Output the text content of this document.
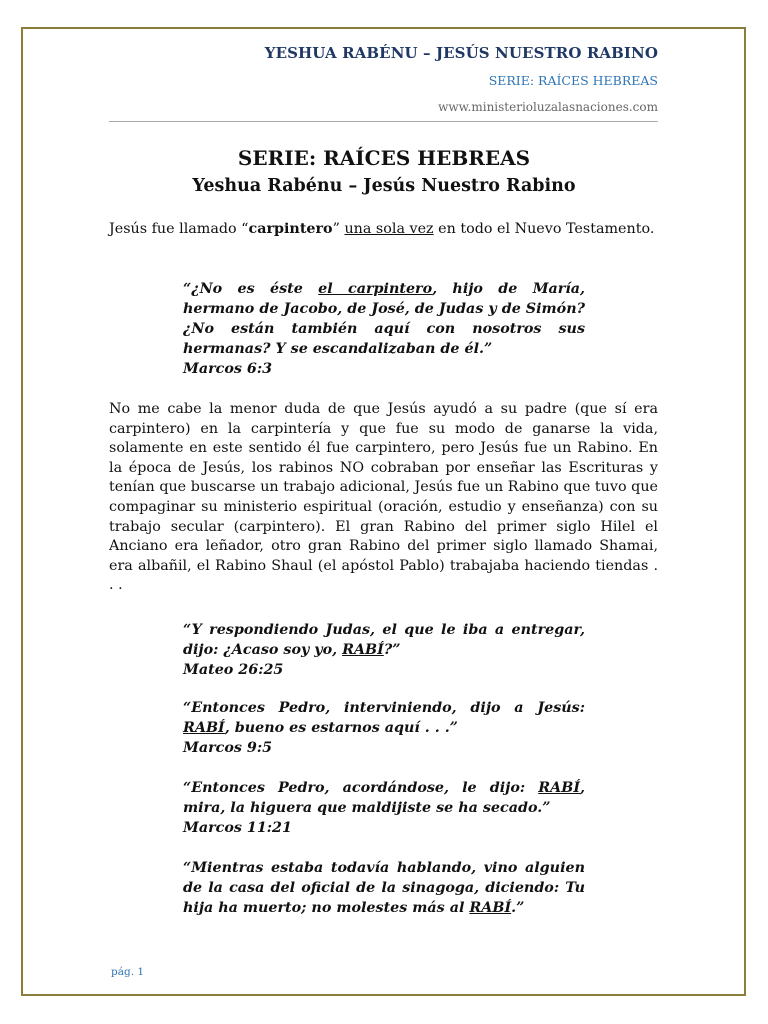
YESHUA RABÉNU – JESÚS NUESTRO RABINO
SERIE: RAÍCES HEBREAS
www.ministerioluzalasnaciones.com
SERIE: RAÍCES HEBREAS
Yeshua Rabénu – Jesús Nuestro Rabino
Jesús fue llamado “carpintero” una sola vez en todo el Nuevo Testamento.
“¿No es éste el carpintero, hijo de María, hermano de Jacobo, de José, de Judas y de Simón? ¿No están también aquí con nosotros sus hermanas? Y se escandalizaban de él.”
Marcos 6:3
No me cabe la menor duda de que Jesús ayudó a su padre (que sí era carpintero) en la carpintería y que fue su modo de ganarse la vida, solamente en este sentido él fue carpintero, pero Jesús fue un Rabino. En la época de Jesús, los rabinos NO cobraban por enseñar las Escrituras y tenían que buscarse un trabajo adicional, Jesús fue un Rabino que tuvo que compaginar su ministerio espiritual (oración, estudio y enseñanza) con su trabajo secular (carpintero). El gran Rabino del primer siglo Hilel el Anciano era leñador, otro gran Rabino del primer siglo llamado Shamai, era albañil, el Rabino Shaul (el apóstol Pablo) trabajaba haciendo tiendas . . .
“Y respondiendo Judas, el que le iba a entregar, dijo: ¿Acaso soy yo, RABÍ?”
Mateo 26:25
“Entonces Pedro, interviniendo, dijo a Jesús: RABÍ, bueno es estarnos aquí . . .”
Marcos 9:5
“Entonces Pedro, acordándose, le dijo: RABÍ, mira, la higuera que maldijiste se ha secado.”
Marcos 11:21
“Mientras estaba todavía hablando, vino alguien de la casa del oficial de la sinagoga, diciendo: Tu hija ha muerto; no molestes más al RABÍ.”
pág. 1
